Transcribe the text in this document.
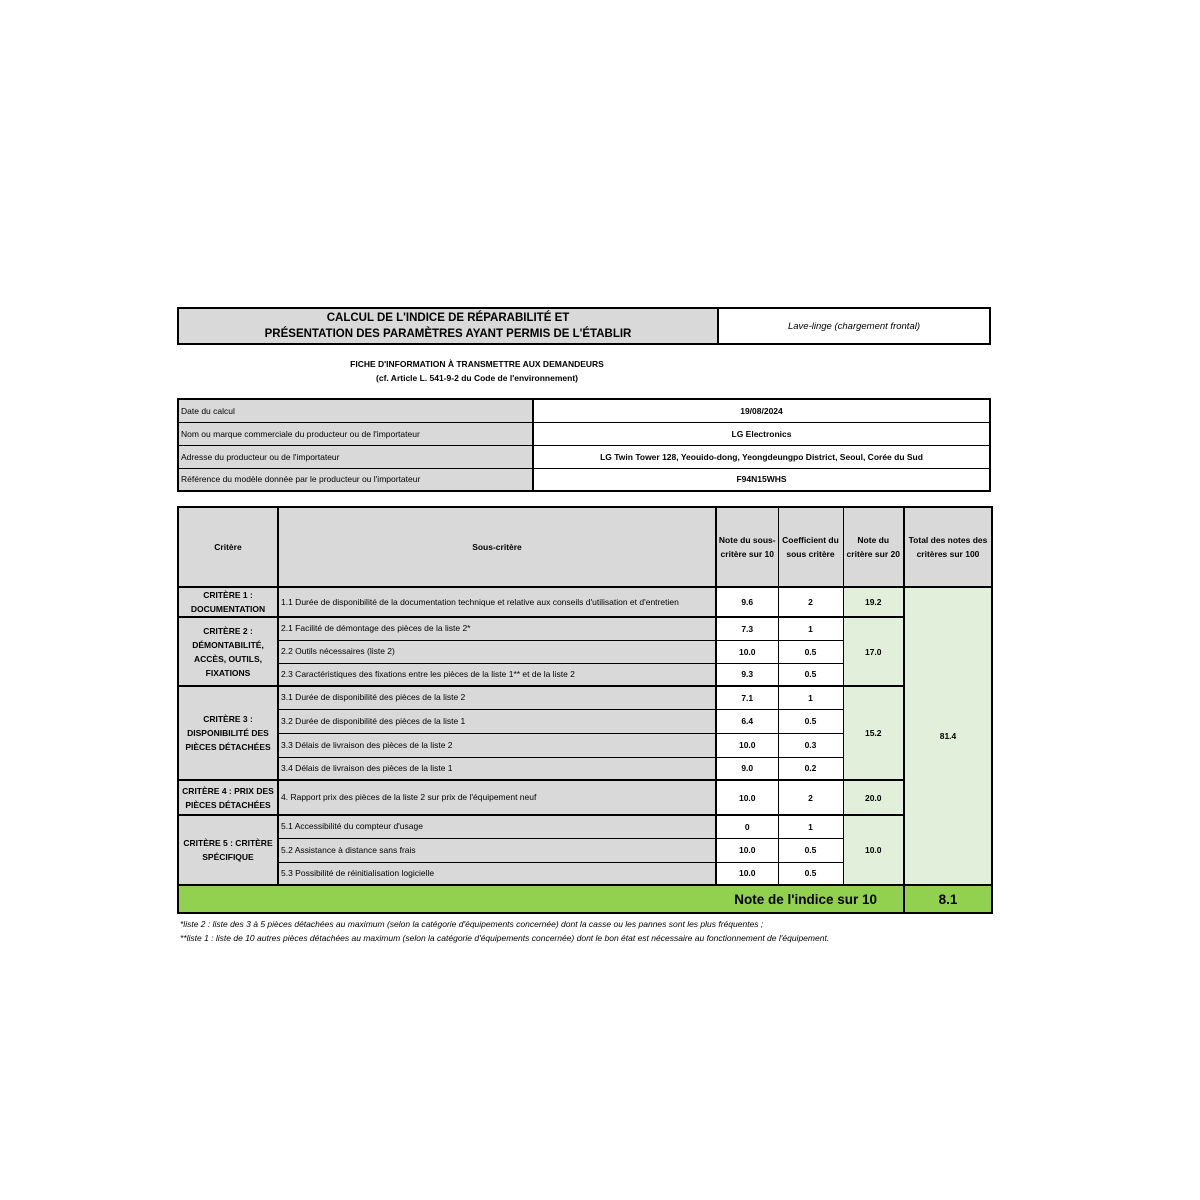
CALCUL DE L'INDICE DE RÉPARABILITÉ ET
PRÉSENTATION DES PARAMÈTRES AYANT PERMIS DE L'ÉTABLIR
Lave-linge (chargement frontal)
FICHE D'INFORMATION À TRANSMETTRE AUX DEMANDEURS
(cf. Article L. 541-9-2 du Code de l'environnement)
Date du calcul	19/08/2024
Nom ou marque commerciale du producteur ou de l'importateur	LG Electronics
Adresse du producteur ou de l'importateur	LG Twin Tower 128, Yeouido-dong, Yeongdeungpo District, Seoul, Corée du Sud
Référence du modèle donnée par le producteur ou l'importateur	F94N15WHS
Critère	Sous-critère	Note du sous-critère sur 10	Coefficient du sous critère	Note du critère sur 20	Total des notes des critères sur 100
CRITÈRE 1 : DOCUMENTATION	1.1 Durée de disponibilité de la documentation technique et relative aux conseils d'utilisation et d'entretien	9.6	2	19.2	81.4
CRITÈRE 2 : DÉMONTABILITÉ, ACCÈS, OUTILS, FIXATIONS	2.1 Facilité de démontage des pièces de la liste 2*	7.3	1	17.0	
	2.2 Outils nécessaires (liste 2)	10.0	0.5		
	2.3 Caractéristiques des fixations entre les pièces de la liste 1** et de la liste 2	9.3	0.5		
CRITÈRE 3 : DISPONIBILITÉ DES PIÈCES DÉTACHÉES	3.1 Durée de disponibilité des pièces de la liste 2	7.1	1	15.2	
	3.2 Durée de disponibilité des pièces de la liste 1	6.4	0.5		
	3.3 Délais de livraison des pièces de la liste 2	10.0	0.3		
	3.4 Délais de livraison des pièces de la liste 1	9.0	0.2		
CRITÈRE 4 : PRIX DES PIÈCES DÉTACHÉES	4. Rapport prix des pièces de la liste 2 sur prix de l'équipement neuf	10.0	2	20.0	
CRITÈRE 5 : CRITÈRE SPÉCIFIQUE	5.1 Accessibilité du compteur d'usage	0	1	10.0	
	5.2 Assistance à distance sans frais	10.0	0.5		
	5.3 Possibilité de réinitialisation logicielle	10.0	0.5		
Note de l'indice sur 10					8.1
*liste 2 : liste des 3 à 5 pièces détachées au maximum (selon la catégorie d'équipements concernée) dont la casse ou les pannes sont les plus fréquentes ;
**liste 1 : liste de 10 autres pièces détachées au maximum (selon la catégorie d'équipements concernée) dont le bon état est nécessaire au fonctionnement de l'équipement.
